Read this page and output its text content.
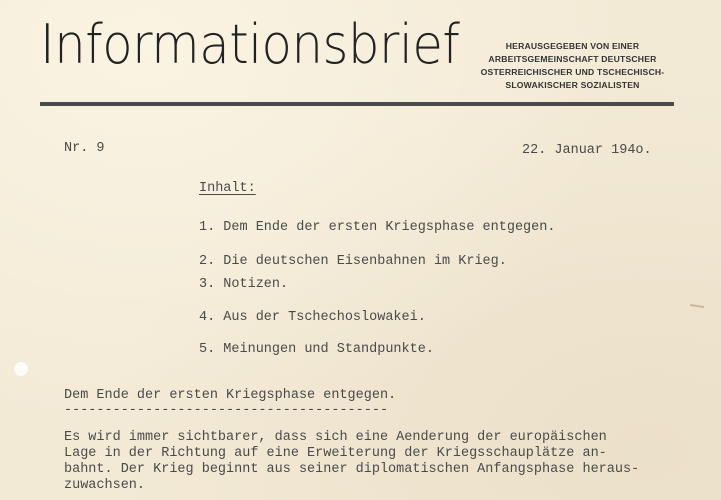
Informationsbrief	HERAUSGEGEBEN VON EINER
ARBEITSGEMEINSCHAFT DEUTSCHER
OSTERREICHISCHER UND TSCHECHISCH-
SLOWAKISCHER SOZIALISTEN
Nr. 9	22. Januar 194o.
Inhalt:
1. Dem Ende der ersten Kriegsphase entgegen.
2. Die deutschen Eisenbahnen im Krieg.
3. Notizen.
4. Aus der Tschechoslowakei.
5. Meinungen und Standpunkte.
Dem Ende der ersten Kriegsphase entgegen.
----------------------------------------
Es wird immer sichtbarer, dass sich eine Aenderung der europäischen
Lage in der Richtung auf eine Erweiterung der Kriegsschauplätze an-
bahnt. Der Krieg beginnt aus seiner diplomatischen Anfangsphase heraus-
zuwachsen.
